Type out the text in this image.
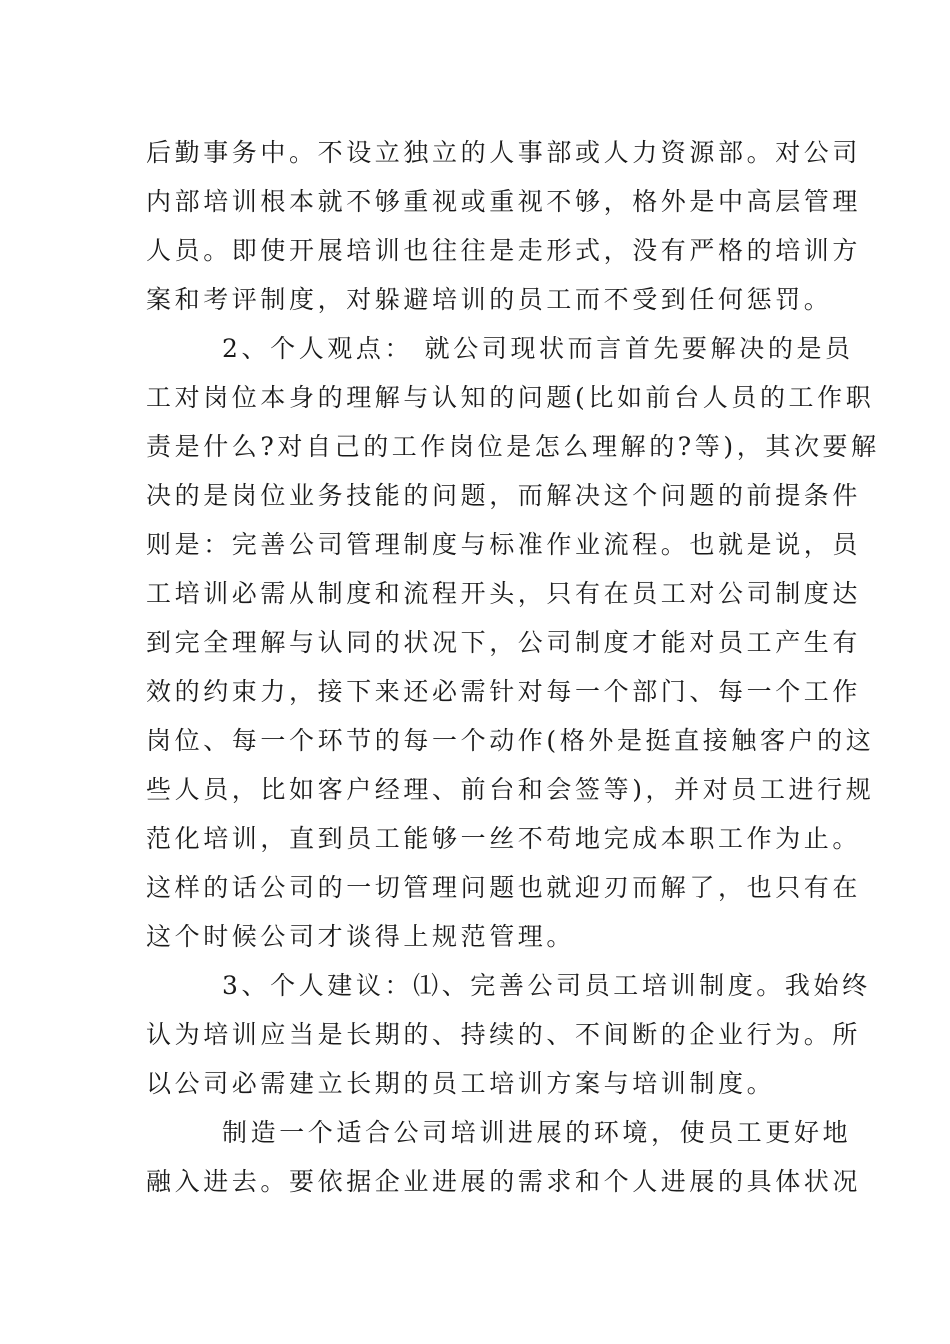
后勤事务中。不设立独立的人事部或人力资源部。对公司
内部培训根本就不够重视或重视不够，格外是中高层管理
人员。即使开展培训也往往是走形式，没有严格的培训方
案和考评制度，对躲避培训的员工而不受到任何惩罚。
2、个人观点： 就公司现状而言首先要解决的是员
工对岗位本身的理解与认知的问题(比如前台人员的工作职
责是什么?对自己的工作岗位是怎么理解的?等)，其次要解
决的是岗位业务技能的问题，而解决这个问题的前提条件
则是：完善公司管理制度与标准作业流程。也就是说，员
工培训必需从制度和流程开头，只有在员工对公司制度达
到完全理解与认同的状况下，公司制度才能对员工产生有
效的约束力，接下来还必需针对每一个部门、每一个工作
岗位、每一个环节的每一个动作(格外是挺直接触客户的这
些人员，比如客户经理、前台和会签等)，并对员工进行规
范化培训，直到员工能够一丝不苟地完成本职工作为止。
这样的话公司的一切管理问题也就迎刃而解了，也只有在
这个时候公司才谈得上规范管理。
3、个人建议：⑴、完善公司员工培训制度。我始终
认为培训应当是长期的、持续的、不间断的企业行为。所
以公司必需建立长期的员工培训方案与培训制度。
制造一个适合公司培训进展的环境，使员工更好地
融入进去。要依据企业进展的需求和个人进展的具体状况
